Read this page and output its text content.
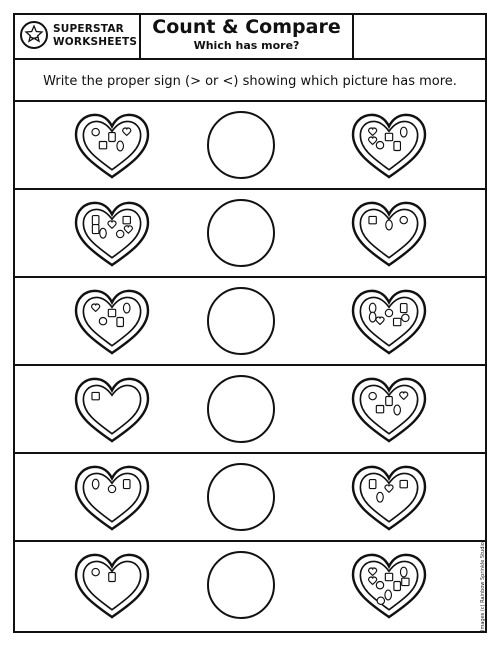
SUPERSTAR
WORKSHEETS
Count & Compare
Which has more?
Write the proper sign (> or <) showing which picture has more.
Images (c) Rainbow Sprinkle Studio
